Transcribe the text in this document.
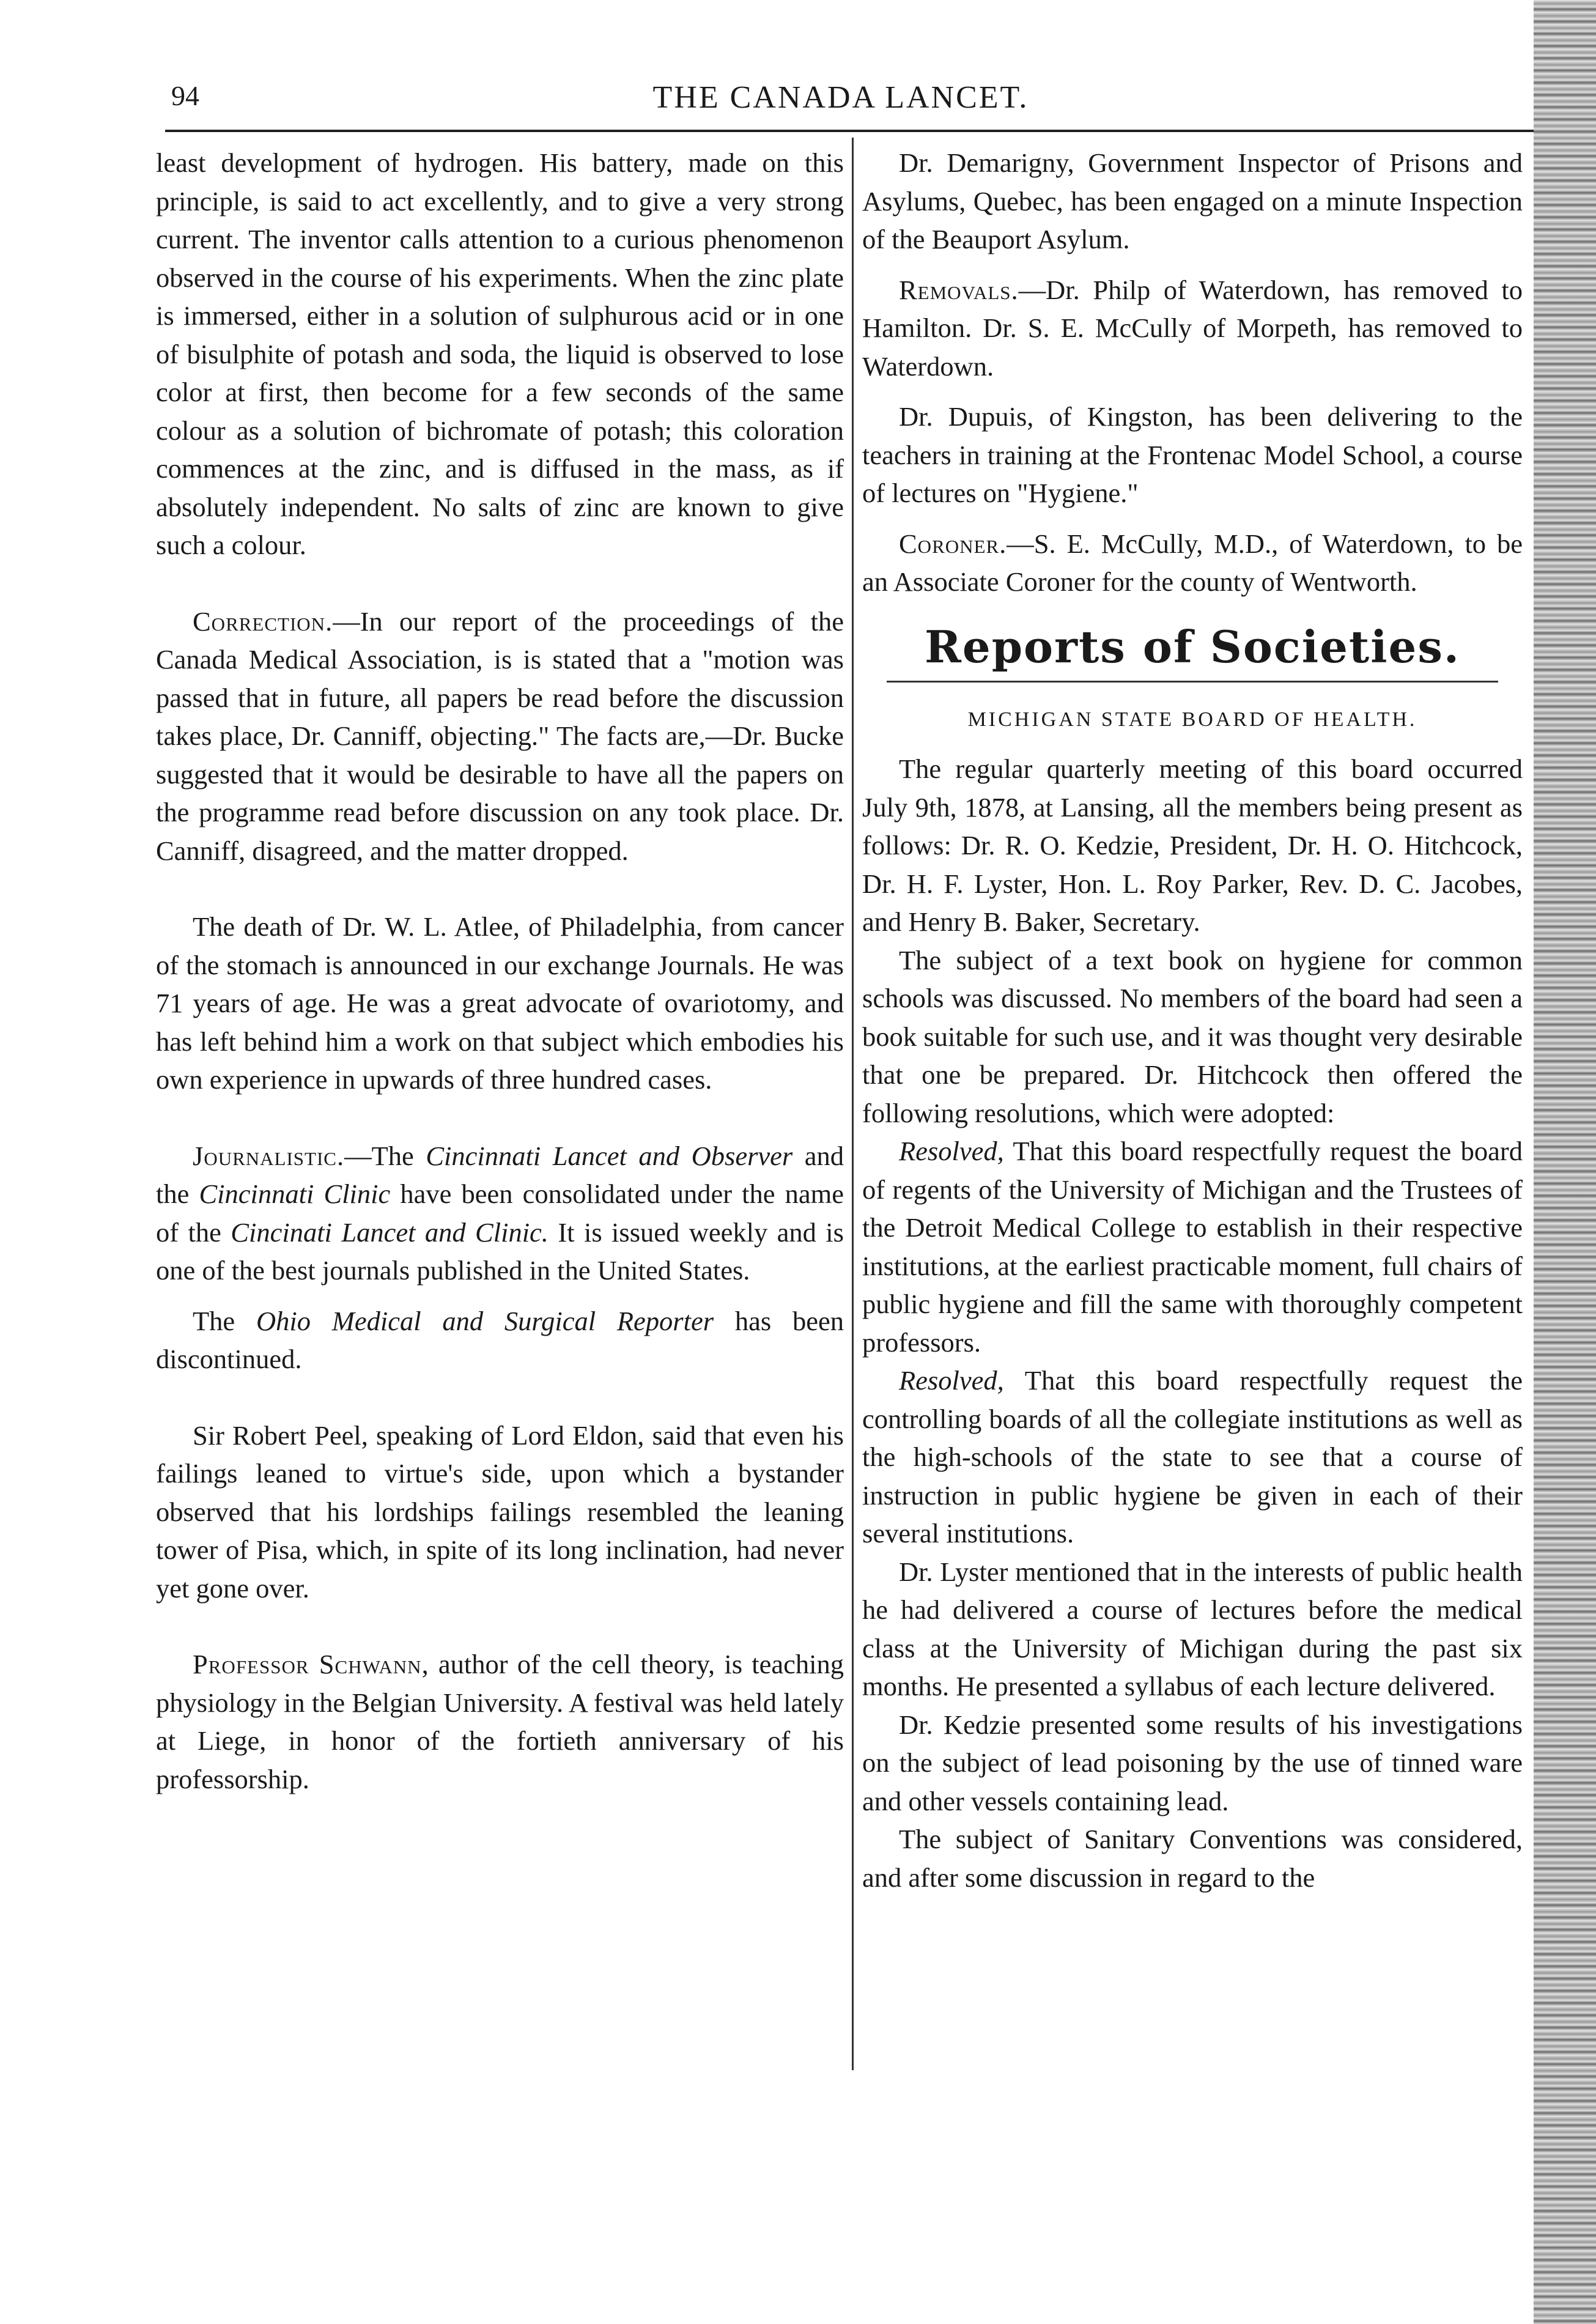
94	THE CANADA LANCET.

least development of hydrogen. His battery, made on this principle, is said to act excellently, and to give a very strong current. The inventor calls attention to a curious phenomenon observed in the course of his experiments. When the zinc plate is immersed, either in a solution of sulphurous acid or in one of bisulphite of potash and soda, the liquid is observed to lose color at first, then become for a few seconds of the same colour as a solution of bichromate of potash; this coloration commences at the zinc, and is diffused in the mass, as if absolutely independent. No salts of zinc are known to give such a colour.

Correction.—In our report of the proceedings of the Canada Medical Association, is is stated that a "motion was passed that in future, all papers be read before the discussion takes place, Dr. Canniff, objecting." The facts are,—Dr. Bucke suggested that it would be desirable to have all the papers on the programme read before discussion on any took place. Dr. Canniff, disagreed, and the matter dropped.

The death of Dr. W. L. Atlee, of Philadelphia, from cancer of the stomach is announced in our exchange Journals. He was 71 years of age. He was a great advocate of ovariotomy, and has left behind him a work on that subject which embodies his own experience in upwards of three hundred cases.

Journalistic.—The Cincinnati Lancet and Observer and the Cincinnati Clinic have been consolidated under the name of the Cincinati Lancet and Clinic. It is issued weekly and is one of the best journals published in the United States.

The Ohio Medical and Surgical Reporter has been discontinued.

Sir Robert Peel, speaking of Lord Eldon, said that even his failings leaned to virtue's side, upon which a bystander observed that his lordships failings resembled the leaning tower of Pisa, which, in spite of its long inclination, had never yet gone over.

Professor Schwann, author of the cell theory, is teaching physiology in the Belgian University. A festival was held lately at Liege, in honor of the fortieth anniversary of his professorship.

Dr. Demarigny, Government Inspector of Prisons and Asylums, Quebec, has been engaged on a minute Inspection of the Beauport Asylum.

Removals.—Dr. Philp of Waterdown, has removed to Hamilton. Dr. S. E. McCully of Morpeth, has removed to Waterdown.

Dr. Dupuis, of Kingston, has been delivering to the teachers in training at the Frontenac Model School, a course of lectures on "Hygiene."

Coroner.—S. E. McCully, M.D., of Waterdown, to be an Associate Coroner for the county of Wentworth.

Reports of Societies.
MICHIGAN STATE BOARD OF HEALTH.

The regular quarterly meeting of this board occurred July 9th, 1878, at Lansing, all the members being present as follows: Dr. R. O. Kedzie, President, Dr. H. O. Hitchcock, Dr. H. F. Lyster, Hon. L. Roy Parker, Rev. D. C. Jacobes, and Henry B. Baker, Secretary.

The subject of a text book on hygiene for common schools was discussed. No members of the board had seen a book suitable for such use, and it was thought very desirable that one be prepared. Dr. Hitchcock then offered the following resolutions, which were adopted:

Resolved, That this board respectfully request the board of regents of the University of Michigan and the Trustees of the Detroit Medical College to establish in their respective institutions, at the earliest practicable moment, full chairs of public hygiene and fill the same with thoroughly competent professors.

Resolved, That this board respectfully request the controlling boards of all the collegiate institutions as well as the high-schools of the state to see that a course of instruction in public hygiene be given in each of their several institutions.

Dr. Lyster mentioned that in the interests of public health he had delivered a course of lectures before the medical class at the University of Michigan during the past six months. He presented a syllabus of each lecture delivered.

Dr. Kedzie presented some results of his investigations on the subject of lead poisoning by the use of tinned ware and other vessels containing lead.

The subject of Sanitary Conventions was considered, and after some discussion in regard to the
